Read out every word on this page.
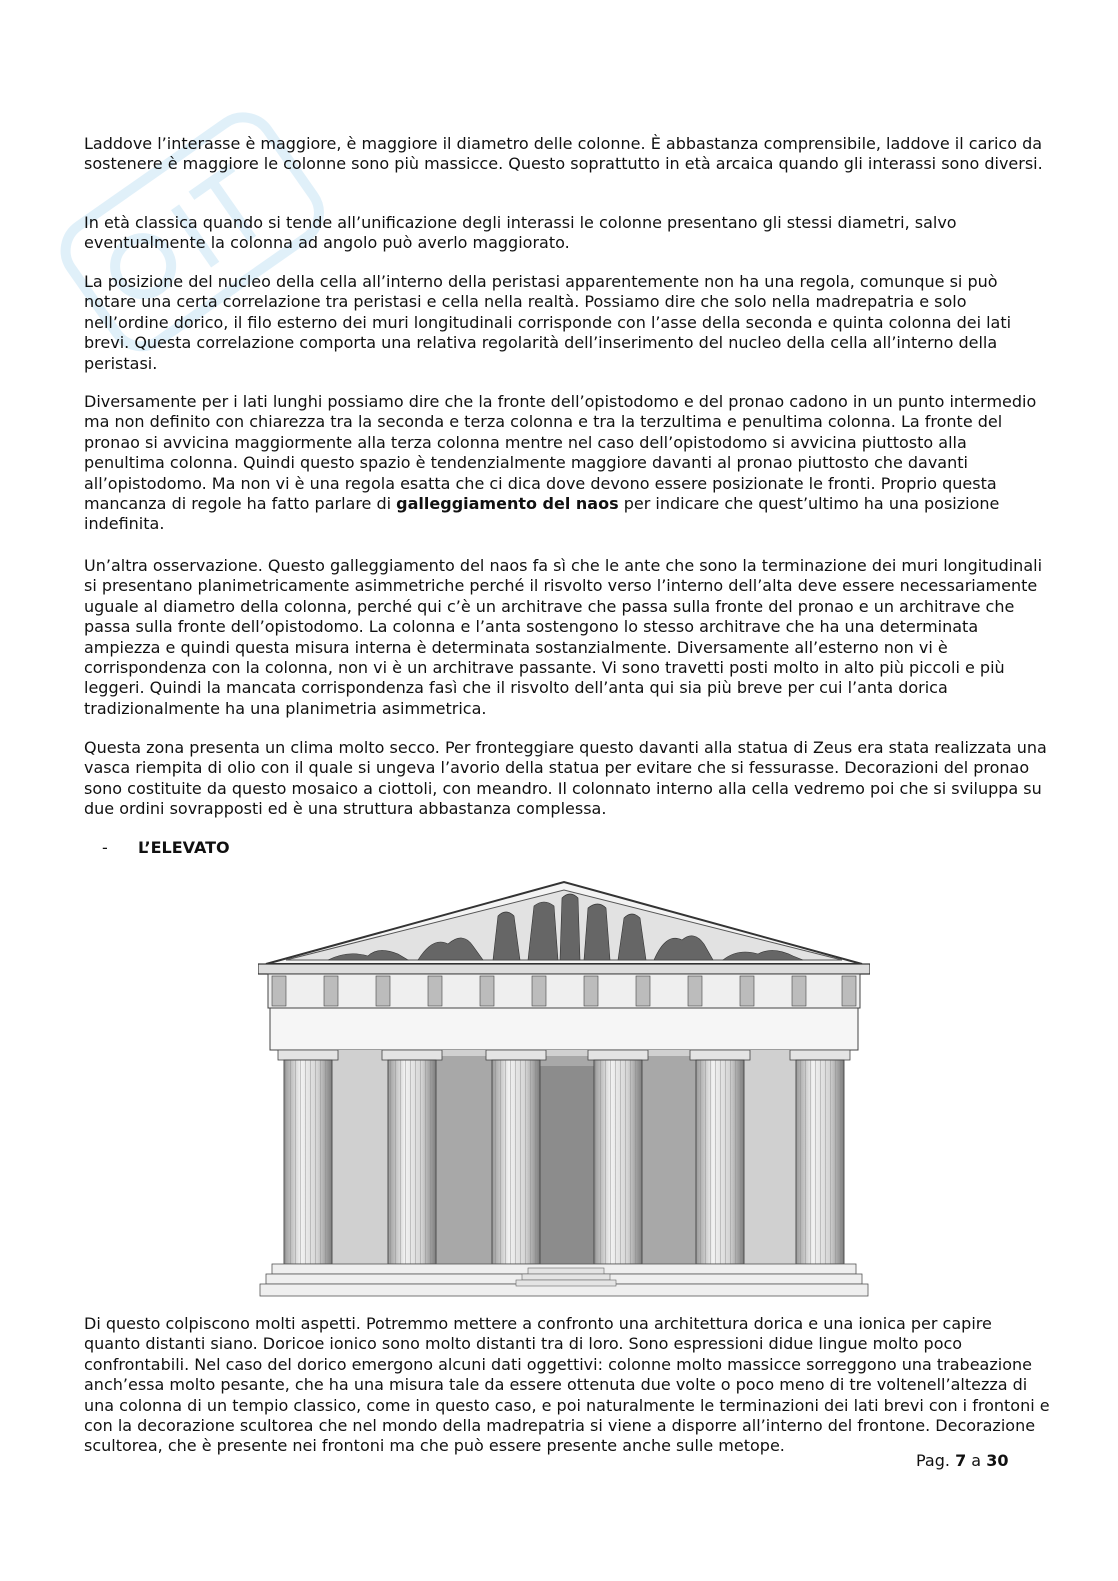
Laddove l’interasse è maggiore, è maggiore il diametro delle colonne. È abbastanza comprensibile, laddove il carico da sostenere è maggiore le colonne sono più massicce. Questo soprattutto in età arcaica quando gli interassi sono diversi.

In età classica quando si tende all’unificazione degli interassi le colonne presentano gli stessi diametri, salvo eventualmente la colonna ad angolo può averlo maggiorato.

La posizione del nucleo della cella all’interno della peristasi apparentemente non ha una regola, comunque si può notare una certa correlazione tra peristasi e cella nella realtà. Possiamo dire che solo nella madrepatria e solo nell’ordine dorico, il filo esterno dei muri longitudinali corrisponde con l’asse della seconda e quinta colonna dei lati brevi. Questa correlazione comporta una relativa regolarità dell’inserimento del nucleo della cella all’interno della peristasi.

Diversamente per i lati lunghi possiamo dire che la fronte dell’opistodomo e del pronao cadono in un punto intermedio ma non definito con chiarezza tra la seconda e terza colonna e tra la terzultima e penultima colonna. La fronte del pronao si avvicina maggiormente alla terza colonna mentre nel caso dell’opistodomo si avvicina piuttosto alla penultima colonna. Quindi questo spazio è tendenzialmente maggiore davanti al pronao piuttosto che davanti all’opistodomo. Ma non vi è una regola esatta che ci dica dove devono essere posizionate le fronti. Proprio questa mancanza di regole ha fatto parlare di galleggiamento del naos per indicare che quest’ultimo ha una posizione indefinita.

Un’altra osservazione. Questo galleggiamento del naos fa sì che le ante che sono la terminazione dei muri longitudinali si presentano planimetricamente asimmetriche perché il risvolto verso l’interno dell’alta deve essere necessariamente uguale al diametro della colonna, perché qui c’è un architrave che passa sulla fronte del pronao e un architrave che passa sulla fronte dell’opistodomo. La colonna e l’anta sostengono lo stesso architrave che ha una determinata ampiezza e quindi questa misura interna è determinata sostanzialmente. Diversamente all’esterno non vi è corrispondenza con la colonna, non vi è un architrave passante. Vi sono travetti posti molto in alto più piccoli e più leggeri. Quindi la mancata corrispondenza fasì che il risvolto dell’anta qui sia più breve per cui l’anta dorica tradizionalmente ha una planimetria asimmetrica.

Questa zona presenta un clima molto secco. Per fronteggiare questo davanti alla statua di Zeus era stata realizzata una vasca riempita di olio con il quale si ungeva l’avorio della statua per evitare che si fessurasse. Decorazioni del pronao sono costituite da questo mosaico a ciottoli, con meandro. Il colonnato interno alla cella vedremo poi che si sviluppa su due ordini sovrapposti ed è una struttura abbastanza complessa.

- L’ELEVATO

Di questo colpiscono molti aspetti. Potremmo mettere a confronto una architettura dorica e una ionica per capire quanto distanti siano. Doricoe ionico sono molto distanti tra di loro. Sono espressioni didue lingue molto poco confrontabili. Nel caso del dorico emergono alcuni dati oggettivi: colonne molto massicce sorreggono una trabeazione anch’essa molto pesante, che ha una misura tale da essere ottenuta due volte o poco meno di tre voltenell’altezza di una colonna di un tempio classico, come in questo caso, e poi naturalmente le terminazioni dei lati brevi con i frontoni e con la decorazione scultorea che nel mondo della madrepatria si viene a disporre all’interno del frontone. Decorazione scultorea, che è presente nei frontoni ma che può essere presente anche sulle metope.

Pag. 7 a 30
